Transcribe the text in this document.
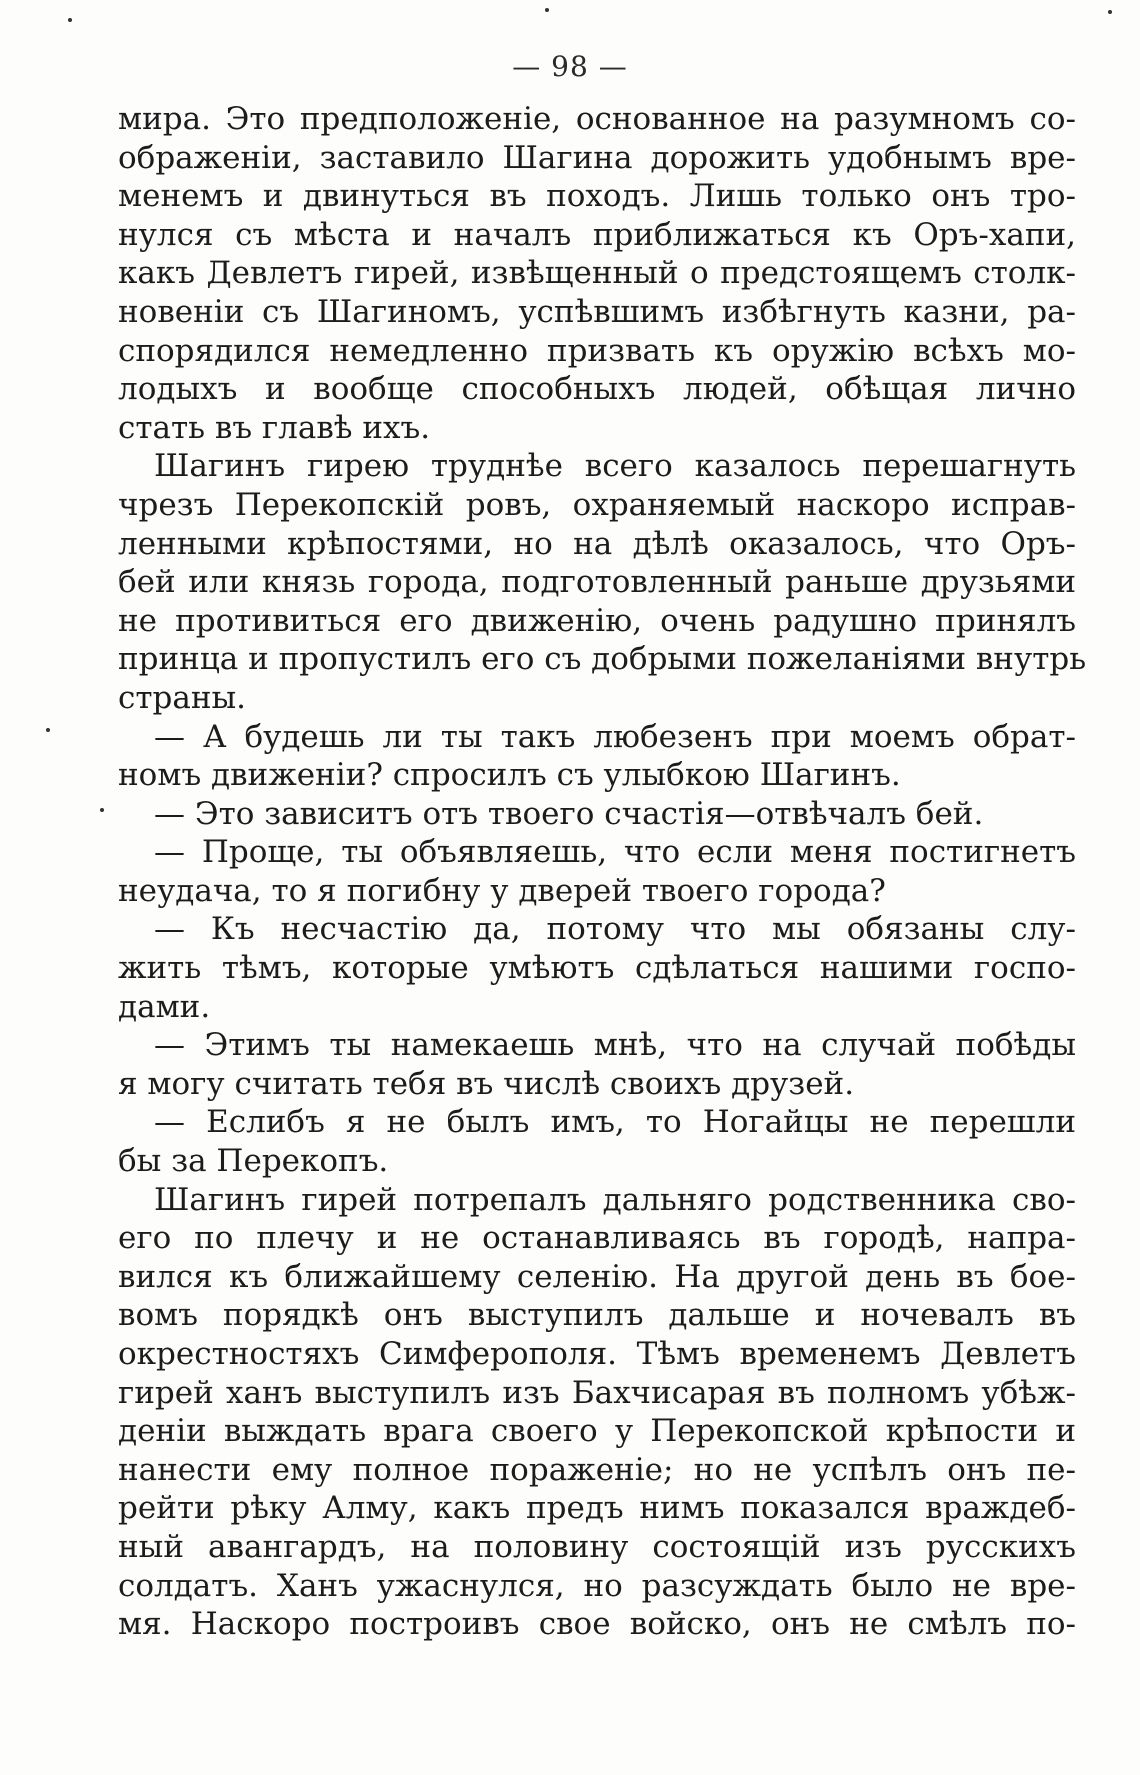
— 98 —
мира. Это предположеніе, основанное на разумномъ со-
ображеніи, заставило Шагина дорожить удобнымъ вре-
менемъ и двинуться въ походъ. Лишь только онъ тро-
нулся съ мѣста и началъ приближаться къ Оръ-хапи,
какъ Девлетъ гирей, извѣщенный о предстоящемъ столк-
новеніи съ Шагиномъ, успѣвшимъ избѣгнуть казни, ра-
спорядился немедленно призвать къ оружію всѣхъ мо-
лодыхъ и вообще способныхъ людей, обѣщая лично
стать въ главѣ ихъ.
Шагинъ гирею труднѣе всего казалось перешагнуть
чрезъ Перекопскій ровъ, охраняемый наскоро исправ-
ленными крѣпостями, но на дѣлѣ оказалось, что Оръ-
бей или князь города, подготовленный раньше друзьями
не противиться его движенію, очень радушно принялъ
принца и пропустилъ его съ добрыми пожеланіями внутрь
страны.
— А будешь ли ты такъ любезенъ при моемъ обрат-
номъ движеніи? спросилъ съ улыбкою Шагинъ.
— Это зависитъ отъ твоего счастія—отвѣчалъ бей.
— Проще, ты объявляешь, что если меня постигнетъ
неудача, то я погибну у дверей твоего города?
— Къ несчастію да, потому что мы обязаны слу-
жить тѣмъ, которые умѣютъ сдѣлаться нашими госпо-
дами.
— Этимъ ты намекаешь мнѣ, что на случай побѣды
я могу считать тебя въ числѣ своихъ друзей.
— Еслибъ я не былъ имъ, то Ногайцы не перешли
бы за Перекопъ.
Шагинъ гирей потрепалъ дальняго родственника сво-
его по плечу и не останавливаясь въ городѣ, напра-
вился къ ближайшему селенію. На другой день въ бое-
вомъ порядкѣ онъ выступилъ дальше и ночевалъ въ
окрестностяхъ Симферополя. Тѣмъ временемъ Девлетъ
гирей ханъ выступилъ изъ Бахчисарая въ полномъ убѣж-
деніи выждать врага своего у Перекопской крѣпости и
нанести ему полное пораженіе; но не успѣлъ онъ пе-
рейти рѣку Алму, какъ предъ нимъ показался враждеб-
ный авангардъ, на половину состоящій изъ русскихъ
солдатъ. Ханъ ужаснулся, но разсуждать было не вре-
мя. Наскоро построивъ свое войско, онъ не смѣлъ по-
